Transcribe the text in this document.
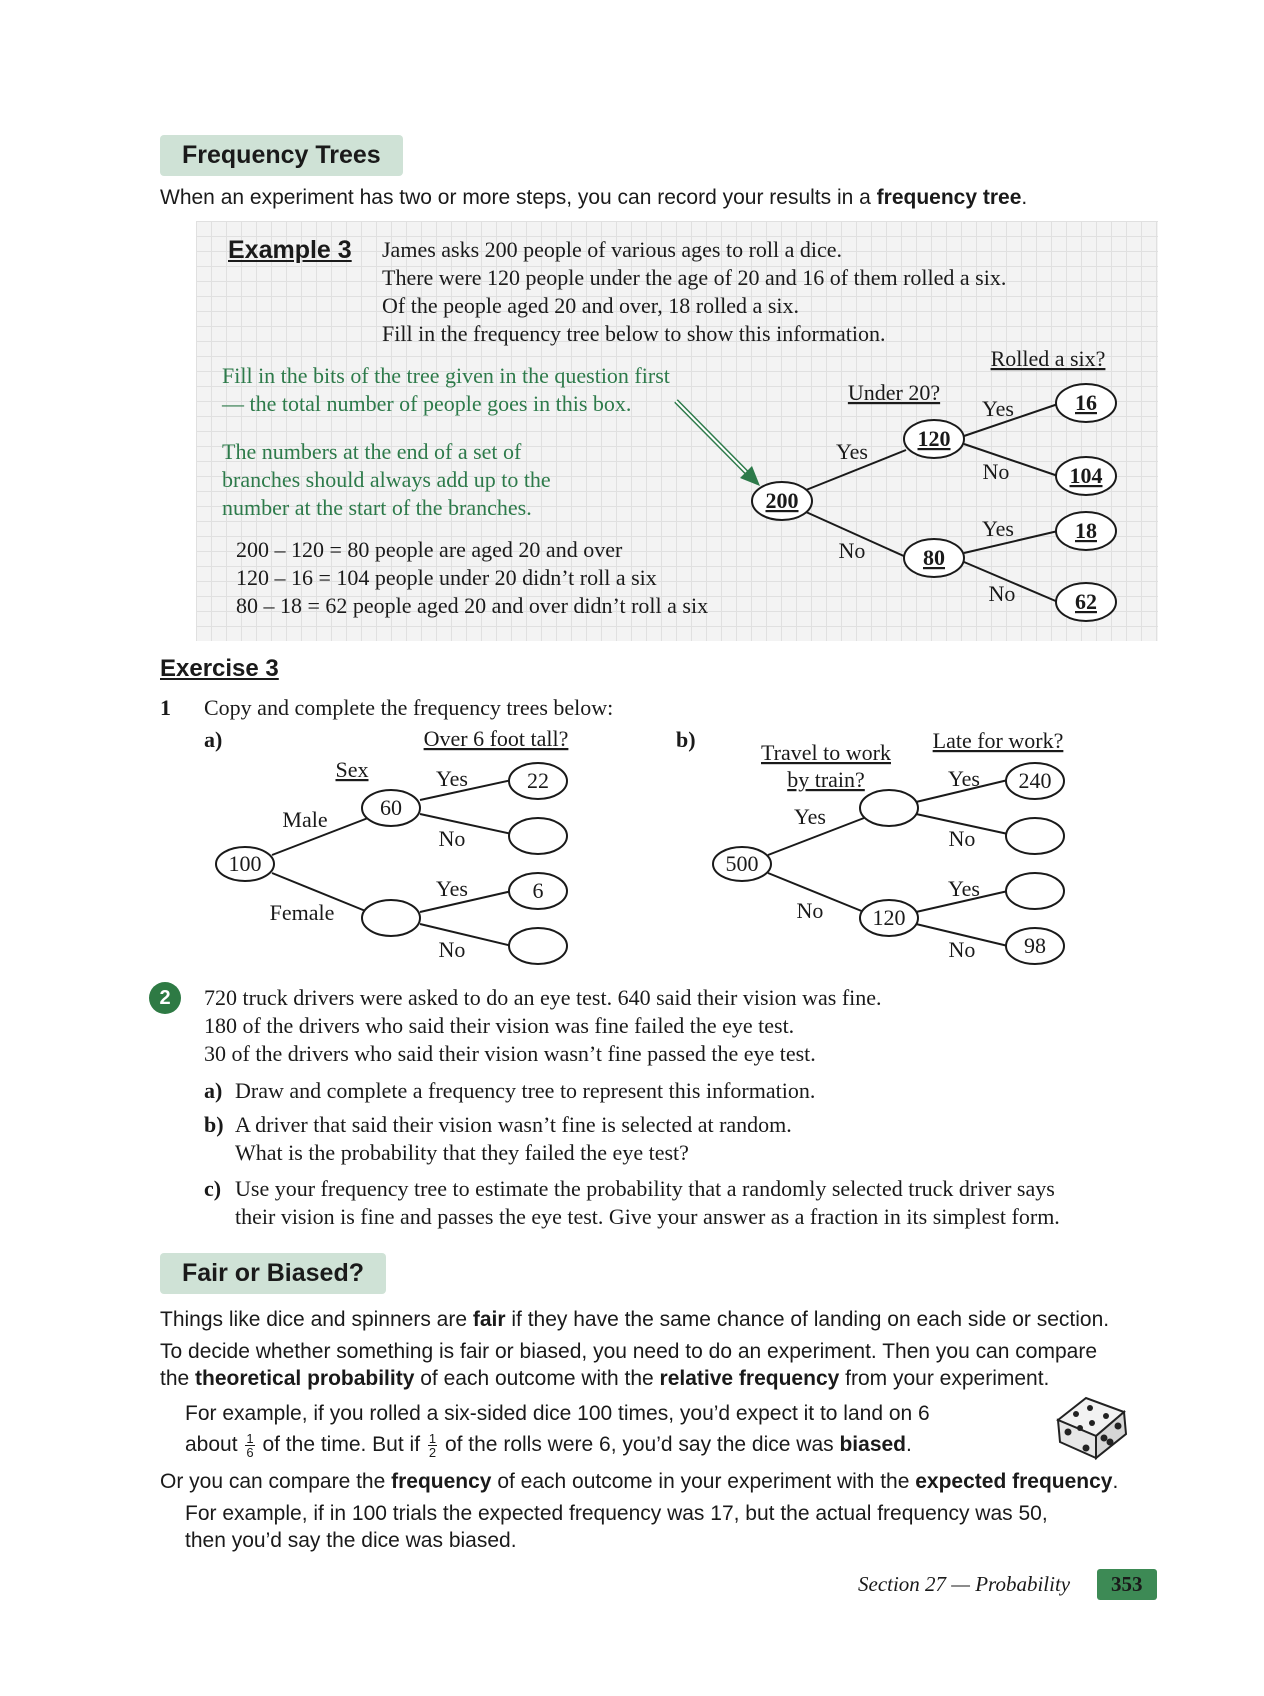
Frequency Trees
When an experiment has two or more steps, you can record your results in a frequency tree.
Example 3 James asks 200 people of various ages to roll a dice.
There were 120 people under the age of 20 and 16 of them rolled a six.
Of the people aged 20 and over, 18 rolled a six.
Fill in the frequency tree below to show this information.
Fill in the bits of the tree given in the question first
— the total number of people goes in this box.
The numbers at the end of a set of
branches should always add up to the
number at the start of the branches.
200 – 120 = 80 people are aged 20 and over
120 – 16 = 104 people under 20 didn’t roll a six
80 – 18 = 62 people aged 20 and over didn’t roll a six
Under 20?
Rolled a six?
Yes
No
Yes
No
Yes
No
200
120
80
16
104
18
62
Exercise 3
1 Copy and complete the frequency trees below:
a)	b)
Sex
Over 6 foot tall?
Male
Female
Yes
No
Yes
No
100
60
22
6
Travel to work
by train?
Late for work?
Yes
No
Yes
No
Yes
No
500
120
240
98
2	720 truck drivers were asked to do an eye test. 640 said their vision was fine.
180 of the drivers who said their vision was fine failed the eye test.
30 of the drivers who said their vision wasn’t fine passed the eye test.
a) Draw and complete a frequency tree to represent this information.
b) A driver that said their vision wasn’t fine is selected at random.
What is the probability that they failed the eye test?
c) Use your frequency tree to estimate the probability that a randomly selected truck driver says
their vision is fine and passes the eye test. Give your answer as a fraction in its simplest form.
Fair or Biased?
Things like dice and spinners are fair if they have the same chance of landing on each side or section.
To decide whether something is fair or biased, you need to do an experiment. Then you can compare
the theoretical probability of each outcome with the relative frequency from your experiment.
For example, if you rolled a six-sided dice 100 times, you’d expect it to land on 6
about $\frac{1}{6}$ of the time. But if $\frac{1}{2}$ of the rolls were 6, you’d say the dice was biased.
Or you can compare the frequency of each outcome in your experiment with the expected frequency.
For example, if in 100 trials the expected frequency was 17, but the actual frequency was 50,
then you’d say the dice was biased.
Section 27 — Probability	353
